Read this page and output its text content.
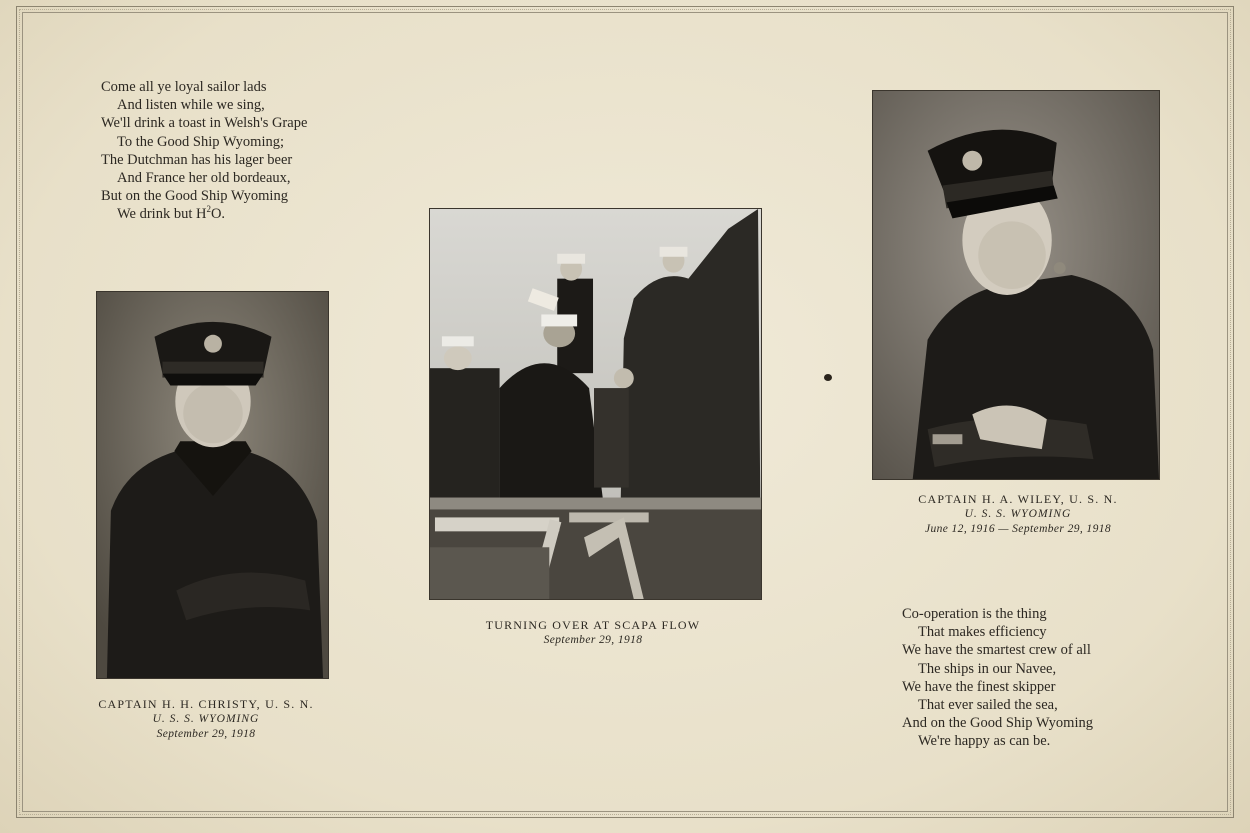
Come all ye loyal sailor lads
And listen while we sing,
We'll drink a toast in Welsh's Grape
To the Good Ship Wyoming;
The Dutchman has his lager beer
And France her old bordeaux,
But on the Good Ship Wyoming
We drink but $H^2O$.
CAPTAIN H. H. CHRISTY, U. S. N.
U. S. S. WYOMING
September 29, 1918
TURNING OVER AT SCAPA FLOW
September 29, 1918
CAPTAIN H. A. WILEY, U. S. N.
U. S. S. WYOMING
June 12, 1916 — September 29, 1918
Co-operation is the thing
That makes efficiency
We have the smartest crew of all
The ships in our Navee,
We have the finest skipper
That ever sailed the sea,
And on the Good Ship Wyoming
We're happy as can be.
